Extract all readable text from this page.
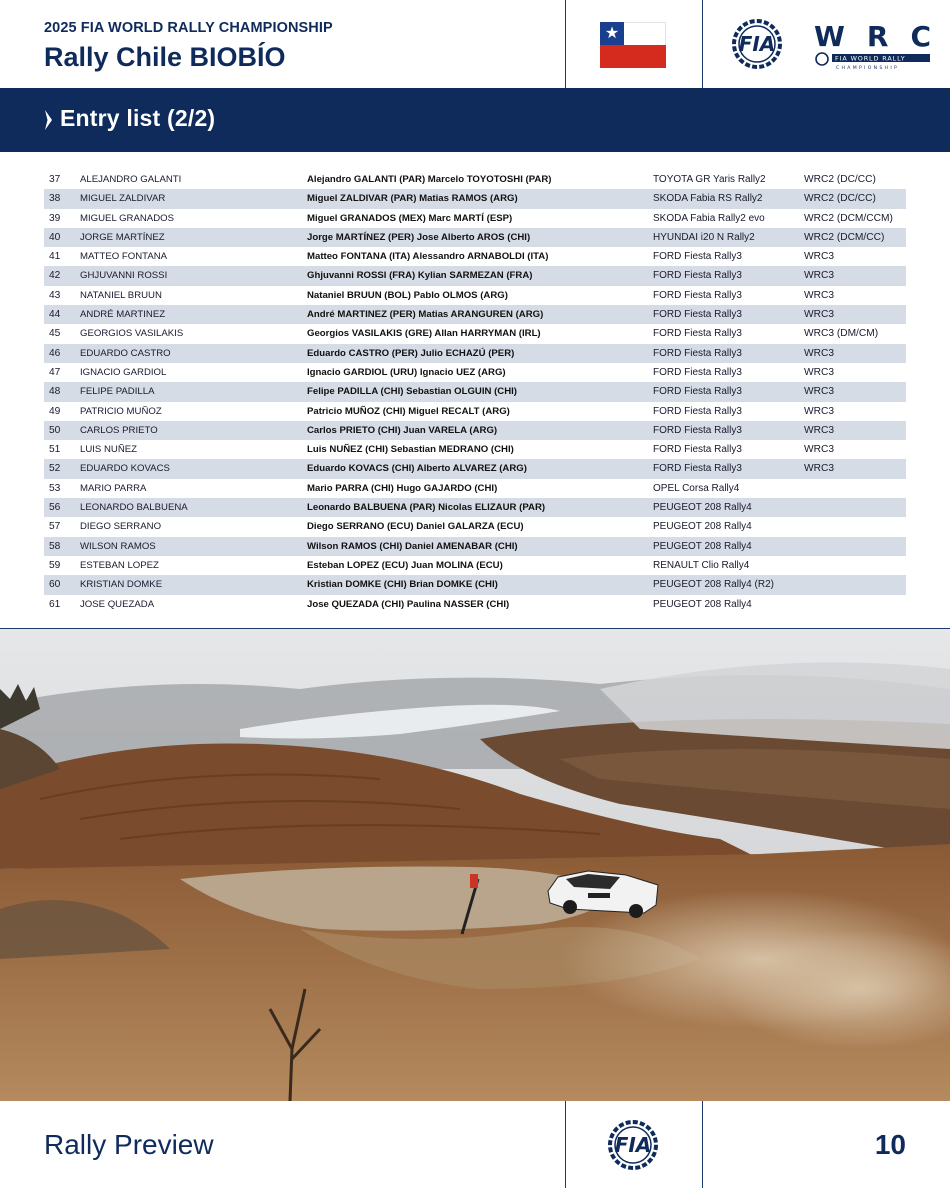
2025 FIA WORLD RALLY CHAMPIONSHIP
Rally Chile BIOBÍO
★	FIA WRC
FIA WORLD RALLY
CHAMPIONSHIP
Entry list (2/2)
37	ALEJANDRO GALANTI	Alejandro GALANTI (PAR) Marcelo TOYOTOSHI (PAR)	TOYOTA GR Yaris Rally2	WRC2 (DC/CC)
38	MIGUEL ZALDIVAR	Miguel ZALDIVAR (PAR) Matias RAMOS (ARG)	SKODA Fabia RS Rally2	WRC2 (DC/CC)
39	MIGUEL GRANADOS	Miguel GRANADOS (MEX) Marc MARTÍ (ESP)	SKODA Fabia Rally2 evo	WRC2 (DCM/CCM)
40	JORGE MARTÍNEZ	Jorge MARTÍNEZ (PER) Jose Alberto AROS (CHI)	HYUNDAI i20 N Rally2	WRC2 (DCM/CC)
41	MATTEO FONTANA	Matteo FONTANA (ITA) Alessandro ARNABOLDI (ITA)	FORD Fiesta Rally3	WRC3
42	GHJUVANNI ROSSI	Ghjuvanni ROSSI (FRA) Kylian SARMEZAN (FRA)	FORD Fiesta Rally3	WRC3
43	NATANIEL BRUUN	Nataniel BRUUN (BOL) Pablo OLMOS (ARG)	FORD Fiesta Rally3	WRC3
44	ANDRÉ MARTINEZ	André MARTINEZ (PER) Matias ARANGUREN (ARG)	FORD Fiesta Rally3	WRC3
45	GEORGIOS VASILAKIS	Georgios VASILAKIS (GRE) Allan HARRYMAN (IRL)	FORD Fiesta Rally3	WRC3 (DM/CM)
46	EDUARDO CASTRO	Eduardo CASTRO (PER) Julio ECHAZÚ (PER)	FORD Fiesta Rally3	WRC3
47	IGNACIO GARDIOL	Ignacio GARDIOL (URU) Ignacio UEZ (ARG)	FORD Fiesta Rally3	WRC3
48	FELIPE PADILLA	Felipe PADILLA (CHI) Sebastian OLGUIN (CHI)	FORD Fiesta Rally3	WRC3
49	PATRICIO MUÑOZ	Patricio MUÑOZ (CHI) Miguel RECALT (ARG)	FORD Fiesta Rally3	WRC3
50	CARLOS PRIETO	Carlos PRIETO (CHI) Juan VARELA (ARG)	FORD Fiesta Rally3	WRC3
51	LUIS NUÑEZ	Luis NUÑEZ (CHI) Sebastian MEDRANO (CHI)	FORD Fiesta Rally3	WRC3
52	EDUARDO KOVACS	Eduardo KOVACS (CHI) Alberto ALVAREZ (ARG)	FORD Fiesta Rally3	WRC3
53	MARIO PARRA	Mario PARRA (CHI) Hugo GAJARDO (CHI)	OPEL Corsa Rally4
56	LEONARDO BALBUENA	Leonardo BALBUENA (PAR) Nicolas ELIZAUR (PAR)	PEUGEOT 208 Rally4
57	DIEGO SERRANO	Diego SERRANO (ECU) Daniel GALARZA (ECU)	PEUGEOT 208 Rally4
58	WILSON RAMOS	Wilson RAMOS (CHI) Daniel AMENABAR (CHI)	PEUGEOT 208 Rally4
59	ESTEBAN LOPEZ	Esteban LOPEZ (ECU) Juan MOLINA (ECU)	RENAULT Clio Rally4
60	KRISTIAN DOMKE	Kristian DOMKE (CHI) Brian DOMKE (CHI)	PEUGEOT 208 Rally4 (R2)
61	JOSE QUEZADA	Jose QUEZADA (CHI) Paulina NASSER (CHI)	PEUGEOT 208 Rally4
Rally Preview	FIA	10
